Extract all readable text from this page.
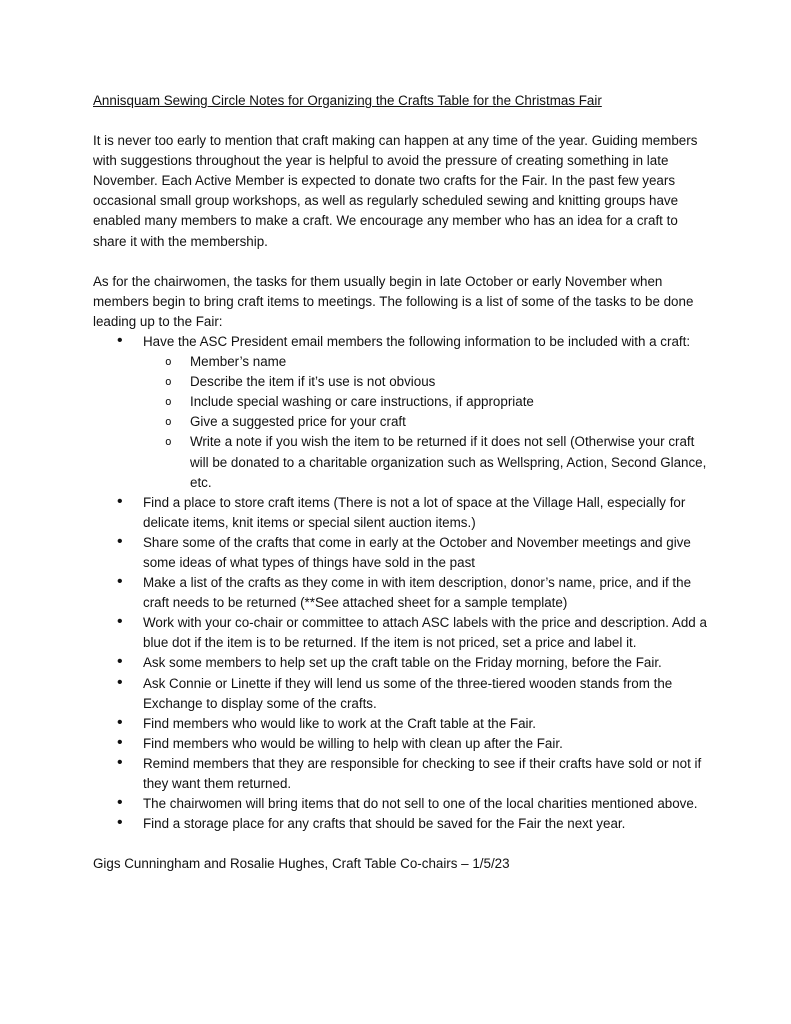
Annisquam Sewing Circle Notes for Organizing the Crafts Table for the Christmas Fair

It is never too early to mention that craft making can happen at any time of the year. Guiding members with suggestions throughout the year is helpful to avoid the pressure of creating something in late November. Each Active Member is expected to donate two crafts for the Fair. In the past few years occasional small group workshops, as well as regularly scheduled sewing and knitting groups have enabled many members to make a craft. We encourage any member who has an idea for a craft to share it with the membership.

As for the chairwomen, the tasks for them usually begin in late October or early November when members begin to bring craft items to meetings. The following is a list of some of the tasks to be done leading up to the Fair:

• Have the ASC President email members the following information to be included with a craft:
o Member’s name
o Describe the item if it’s use is not obvious
o Include special washing or care instructions, if appropriate
o Give a suggested price for your craft
o Write a note if you wish the item to be returned if it does not sell (Otherwise your craft will be donated to a charitable organization such as Wellspring, Action, Second Glance, etc.
• Find a place to store craft items (There is not a lot of space at the Village Hall, especially for delicate items, knit items or special silent auction items.)
• Share some of the crafts that come in early at the October and November meetings and give some ideas of what types of things have sold in the past
• Make a list of the crafts as they come in with item description, donor’s name, price, and if the craft needs to be returned (**See attached sheet for a sample template)
• Work with your co-chair or committee to attach ASC labels with the price and description. Add a blue dot if the item is to be returned. If the item is not priced, set a price and label it.
• Ask some members to help set up the craft table on the Friday morning, before the Fair.
• Ask Connie or Linette if they will lend us some of the three-tiered wooden stands from the Exchange to display some of the crafts.
• Find members who would like to work at the Craft table at the Fair.
• Find members who would be willing to help with clean up after the Fair.
• Remind members that they are responsible for checking to see if their crafts have sold or not if they want them returned.
• The chairwomen will bring items that do not sell to one of the local charities mentioned above.
• Find a storage place for any crafts that should be saved for the Fair the next year.

Gigs Cunningham and Rosalie Hughes, Craft Table Co-chairs – 1/5/23
